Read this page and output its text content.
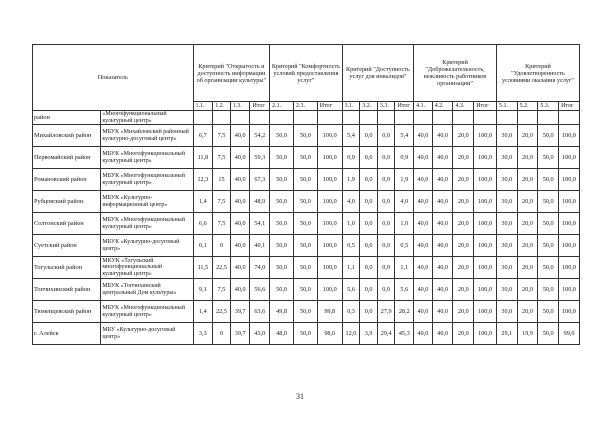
Показатель		Критерий "Открытость и доступность информации об организации культуры"				Критерий "Комфортность условий предоставления услуг"			Критерий "Доступность услуг для инвалидов"				Критерий "Доброжелательность, вежливость работников организации"				Критерий "Удовлетворенность условиями оказания услуг"			
		1.1.	1.2.	1.3.	Итог	2.1.	2.3.	Итог	3.1.	3.2.	3.3.	Итог	4.1.	4.2.	4.3.	Итог	5.1.	5.2.	5.3.	Итог
район	«Многофункциональный культурный центр»																			
Михайловский район	МБУК «Михайловский районный культурно-досуговый центр»	6,7	7,5	40,0	54,2	50,0	50,0	100,0	5,4	0,0	0,0	5,4	40,0	40,0	20,0	100,0	30,0	20,0	50,0	100,0
Первомайский район	МБУК «Многофункциональный культурный центр»	11,8	7,5	40,0	59,3	50,0	50,0	100,0	0,9	0,0	0,0	0,9	40,0	40,0	20,0	100,0	30,0	20,0	50,0	100,0
Романовский район	МБУК «Многофункциональный культурный центр»	12,3	15	40,0	67,3	50,0	50,0	100,0	1,9	0,0	0,0	1,9	40,0	40,0	20,0	100,0	30,0	20,0	50,0	100,0
Рубцовский район	МБУК «Культурно-информационный центр»	1,4	7,5	40,0	48,9	50,0	50,0	100,0	4,0	0,0	0,0	4,0	40,0	40,0	20,0	100,0	30,0	20,0	50,0	100,0
Солтонский район	МБУК «Многофункциональный культурный центр»	6,6	7,5	40,0	54,1	50,0	50,0	100,0	1,0	0,0	0,0	1,0	40,0	40,0	20,0	100,0	30,0	20,0	50,0	100,0
Суетский район	МБУК «Культурно-досуговый центр»	0,1	0	40,0	40,1	50,0	50,0	100,0	0,5	0,0	0,0	0,5	40,0	40,0	20,0	100,0	30,0	20,0	50,0	100,0
Тогульский район	МКУК «Тогульский многофункциональный культурный центр»	11,5	22,5	40,0	74,0	50,0	50,0	100,0	1,1	0,0	0,0	1,1	40,0	40,0	20,0	100,0	30,0	20,0	50,0	100,0
Топчихинский район	МБУК «Топчихинский центральный Дом культуры»	9,1	7,5	40,0	56,6	50,0	50,0	100,0	5,6	0,0	0,0	5,6	40,0	40,0	20,0	100,0	30,0	20,0	50,0	100,0
Тюменцевский район	МБУК «Многофункциональный культурный центр»	1,4	22,5	39,7	63,6	49,8	50,0	99,8	0,3	0,0	27,9	28,2	40,0	40,0	20,0	100,0	30,0	20,0	50,0	100,0
г. Алейск	МБУ «Культурно-досуговый центр»	3,3	0	39,7	43,0	48,0	50,0	98,0	12,0	3,9	29,4	45,3	40,0	40,0	20,0	100,0	29,1	19,9	50,0	99,0
31
